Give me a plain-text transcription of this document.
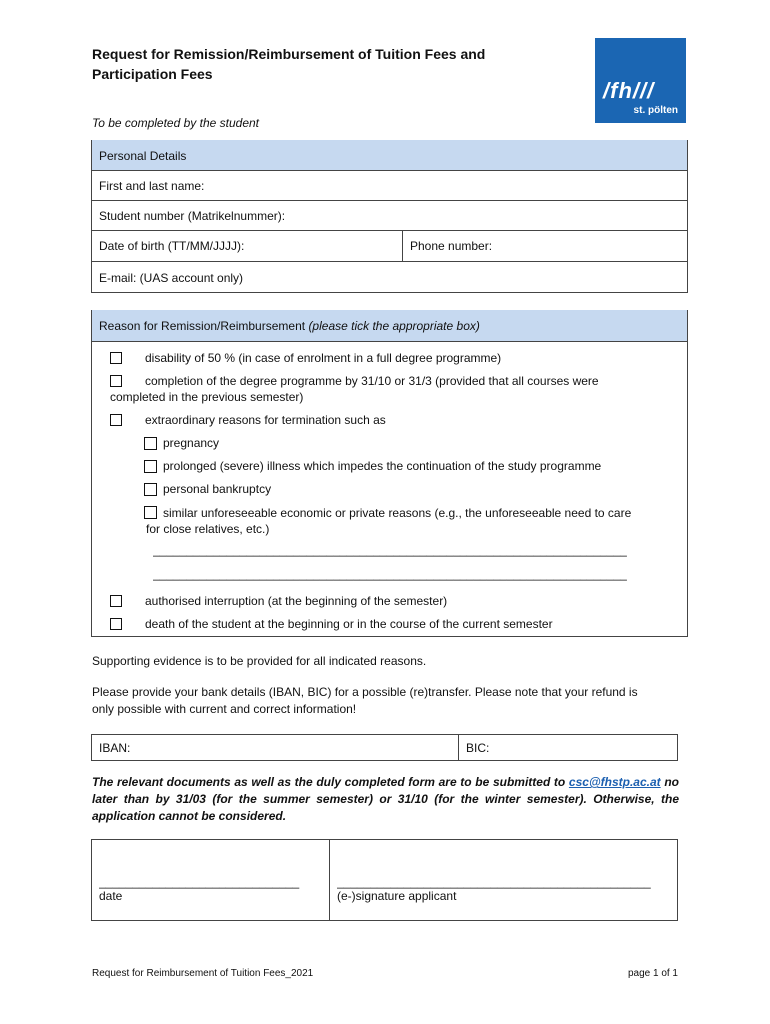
Request for Remission/Reimbursement of Tuition Fees and
Participation Fees
/fh///
st. pölten
To be completed by the student
Personal Details
First and last name:
Student number (Matrikelnummer):
Date of birth (TT/MM/JJJJ):	Phone number:
E-mail: (UAS account only)
Reason for Remission/Reimbursement
(please tick the appropriate box)
disability of 50 % (in case of enrolment in a full degree programme)
completion of the degree programme by 31/10 or 31/3 (provided that all courses were
completed in the previous semester)
extraordinary reasons for termination such as
pregnancy
prolonged (severe) illness which impedes the continuation of the study programme
personal bankruptcy
similar unforeseeable economic or private reasons (e.g., the unforeseeable need to care
for close relatives, etc.)
_______________________________________________________________________
_______________________________________________________________________
authorised interruption (at the beginning of the semester)
death of the student at the beginning or in the course of the current semester
Supporting evidence is to be provided for all indicated reasons.
Please provide your bank details (IBAN, BIC) for a possible (re)transfer. Please note that your refund is
only possible with current and correct information!
IBAN:	BIC:
The relevant documents as well as the duly completed form are to be submitted to csc@fhstp.ac.at no later than by 31/03 (for the summer semester) or 31/10 (for the winter semester). Otherwise, the application cannot be considered.
______________________________
date
_______________________________________________
(e-)signature applicant
Request for Reimbursement of Tuition Fees_2021	page 1 of 1
